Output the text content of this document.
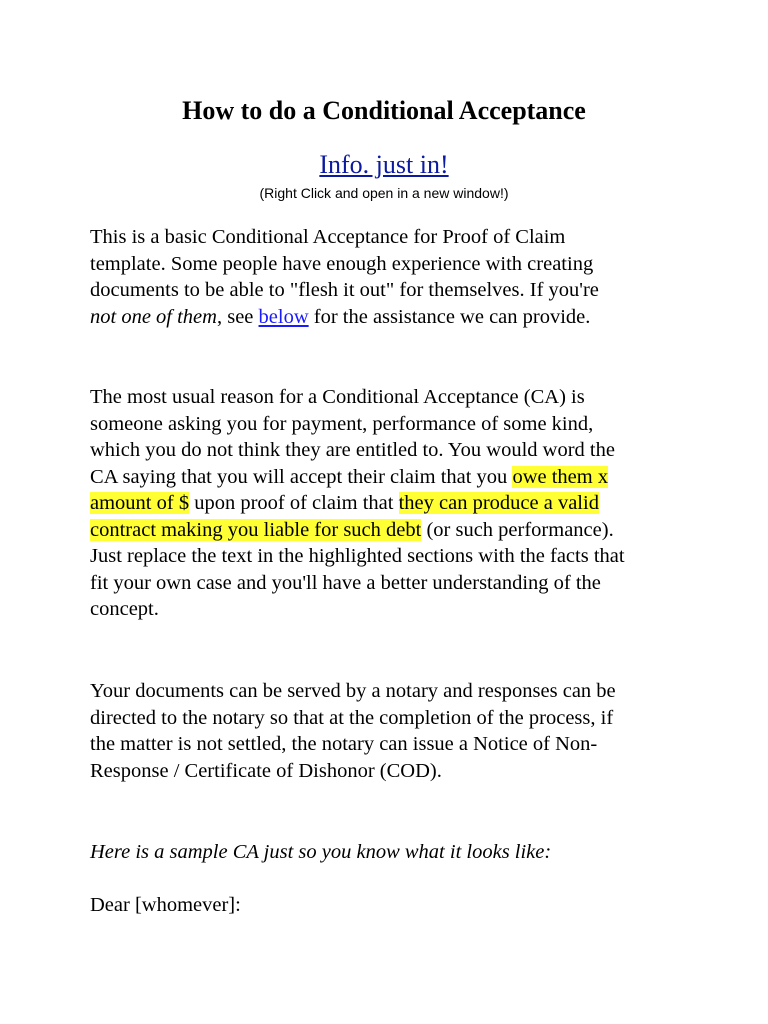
How to do a Conditional Acceptance
Info. just in!
(Right Click and open in a new window!)

This is a basic Conditional Acceptance for Proof of Claim template. Some people have enough experience with creating documents to be able to "flesh it out" for themselves. If you're not one of them, see below for the assistance we can provide.

The most usual reason for a Conditional Acceptance (CA) is someone asking you for payment, performance of some kind, which you do not think they are entitled to. You would word the CA saying that you will accept their claim that you owe them x amount of $ upon proof of claim that they can produce a valid contract making you liable for such debt (or such performance). Just replace the text in the highlighted sections with the facts that fit your own case and you'll have a better understanding of the concept.

Your documents can be served by a notary and responses can be directed to the notary so that at the completion of the process, if the matter is not settled, the notary can issue a Notice of Non-Response / Certificate of Dishonor (COD).

Here is a sample CA just so you know what it looks like:

Dear [whomever]:
